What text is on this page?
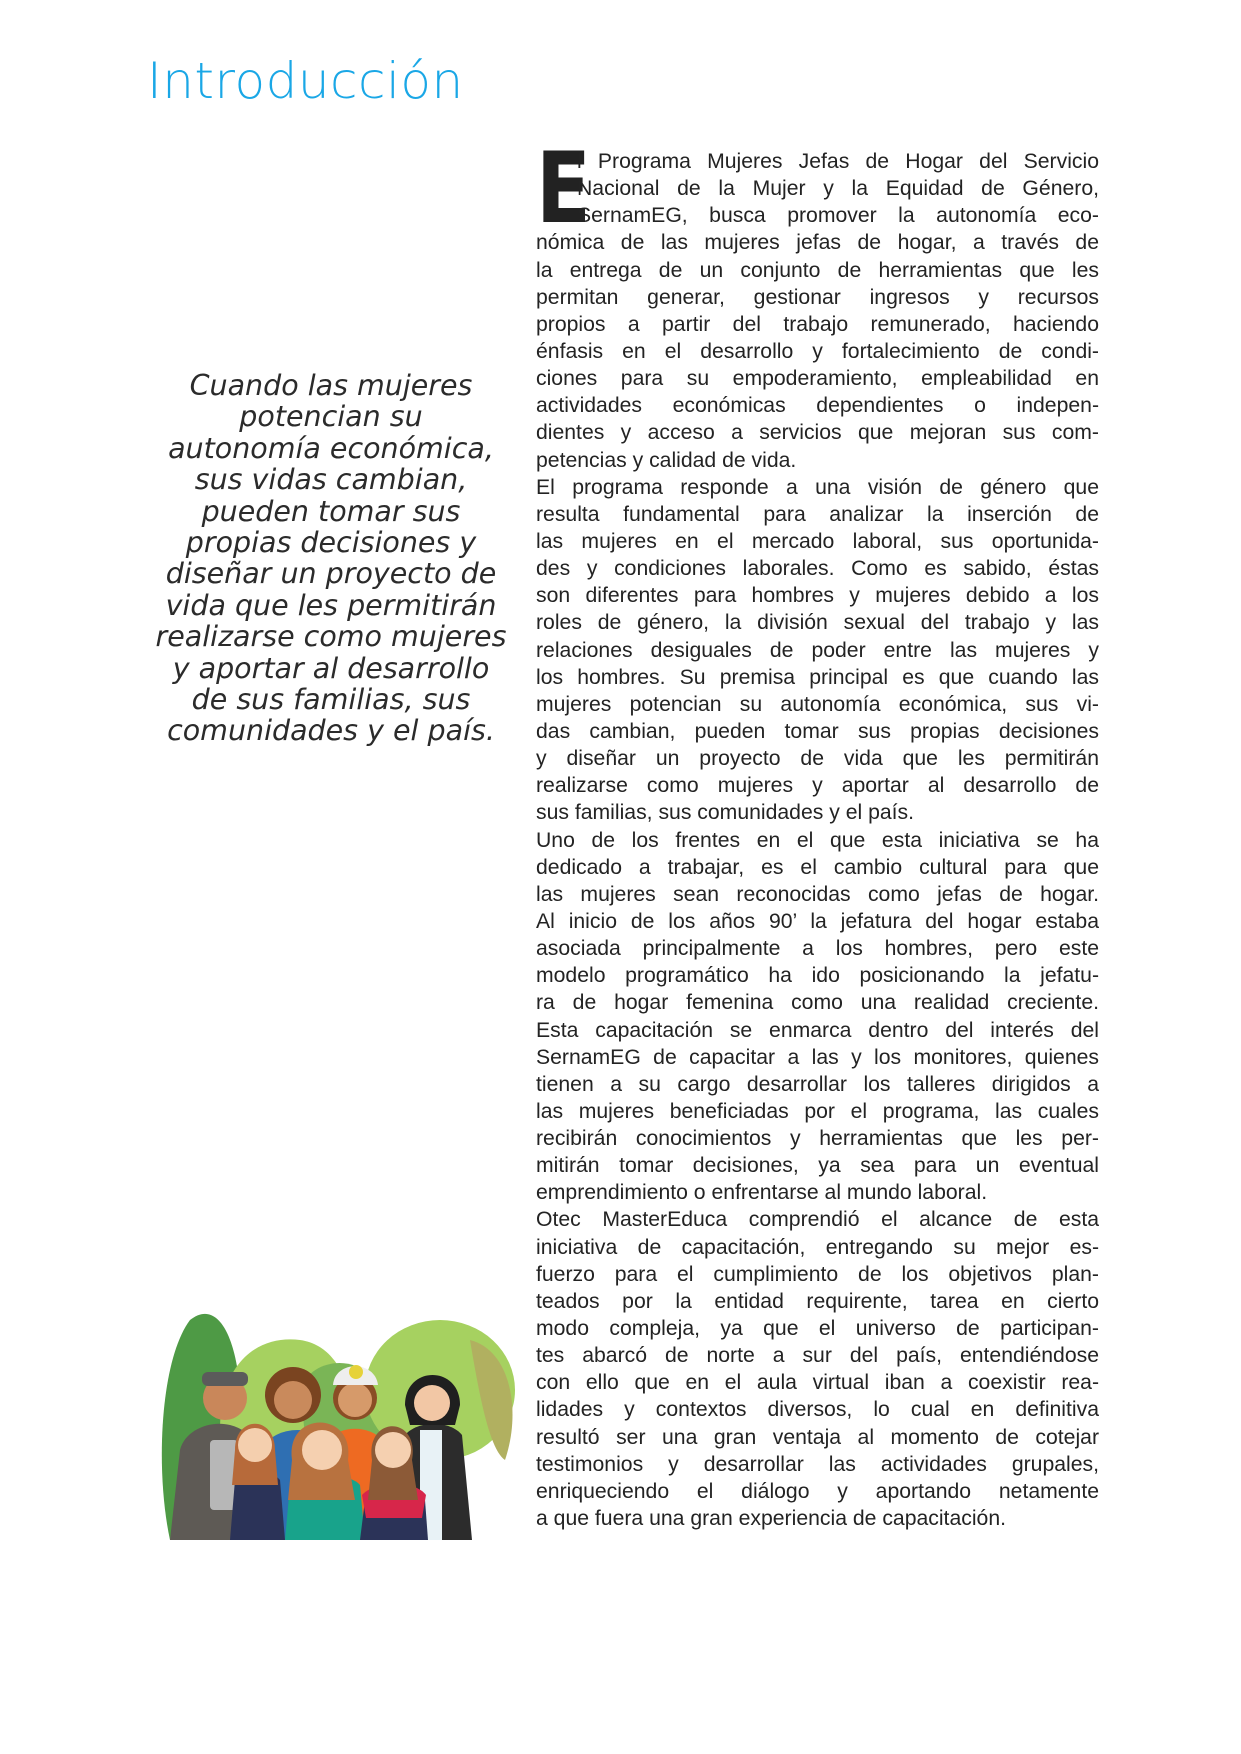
Introducción
Cuando las mujeres
potencian su
autonomía económica,
sus vidas cambian,
pueden tomar sus
propias decisiones y
diseñar un proyecto de
vida que les permitirán
realizarse como mujeres
y aportar al desarrollo
de sus familias, sus
comunidades y el país.
E
l Programa Mujeres Jefas de Hogar del Servicio
Nacional de la Mujer y la Equidad de Género,
SernamEG, busca promover la autonomía eco-
nómica de las mujeres jefas de hogar, a través de
la entrega de un conjunto de herramientas que les
permitan generar, gestionar ingresos y recursos
propios a partir del trabajo remunerado, haciendo
énfasis en el desarrollo y fortalecimiento de condi-
ciones para su empoderamiento, empleabilidad en
actividades económicas dependientes o indepen-
dientes y acceso a servicios que mejoran sus com-
petencias y calidad de vida.
El programa responde a una visión de género que
resulta fundamental para analizar la inserción de
las mujeres en el mercado laboral, sus oportunida-
des y condiciones laborales. Como es sabido, éstas
son diferentes para hombres y mujeres debido a los
roles de género, la división sexual del trabajo y las
relaciones desiguales de poder entre las mujeres y
los hombres. Su premisa principal es que cuando las
mujeres potencian su autonomía económica, sus vi-
das cambian, pueden tomar sus propias decisiones
y diseñar un proyecto de vida que les permitirán
realizarse como mujeres y aportar al desarrollo de
sus familias, sus comunidades y el país.
Uno de los frentes en el que esta iniciativa se ha
dedicado a trabajar, es el cambio cultural para que
las mujeres sean reconocidas como jefas de hogar.
Al inicio de los años 90’ la jefatura del hogar estaba
asociada principalmente a los hombres, pero este
modelo programático ha ido posicionando la jefatu-
ra de hogar femenina como una realidad creciente.
Esta capacitación se enmarca dentro del interés del
SernamEG de capacitar a las y los monitores, quienes
tienen a su cargo desarrollar los talleres dirigidos a
las mujeres beneficiadas por el programa, las cuales
recibirán conocimientos y herramientas que les per-
mitirán tomar decisiones, ya sea para un eventual
emprendimiento o enfrentarse al mundo laboral.
Otec MasterEduca comprendió el alcance de esta
iniciativa de capacitación, entregando su mejor es-
fuerzo para el cumplimiento de los objetivos plan-
teados por la entidad requirente, tarea en cierto
modo compleja, ya que el universo de participan-
tes abarcó de norte a sur del país, entendiéndose
con ello que en el aula virtual iban a coexistir rea-
lidades y contextos diversos, lo cual en definitiva
resultó ser una gran ventaja al momento de cotejar
testimonios y desarrollar las actividades grupales,
enriqueciendo el diálogo y aportando netamente
a que fuera una gran experiencia de capacitación.
